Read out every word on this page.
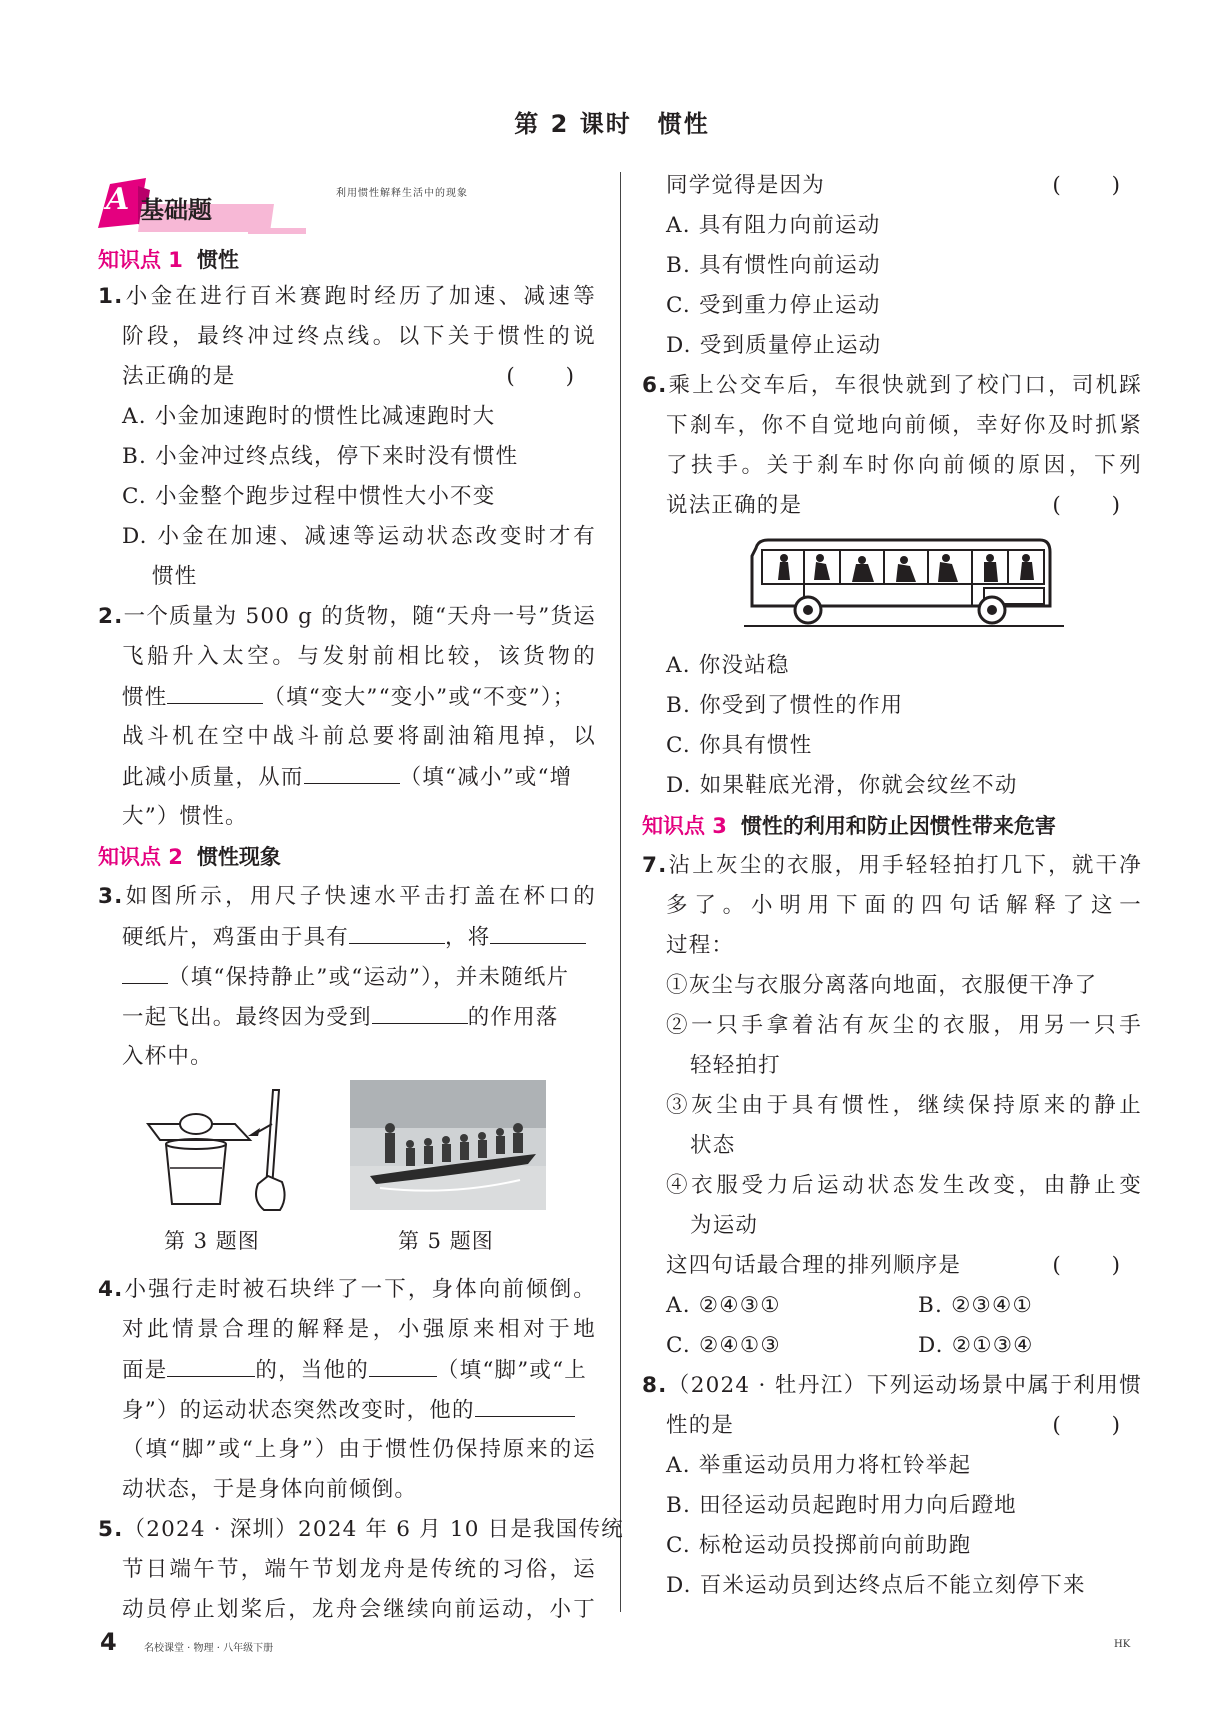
第 2 课时　惯性
A 基础题
利用惯性解释生活中的现象
知识点 1 惯性
1.小金在进行百米赛跑时经历了加速、减速等
阶段，最终冲过终点线。以下关于惯性的说
法正确的是	( )
A. 小金加速跑时的惯性比减速跑时大
B. 小金冲过终点线，停下来时没有惯性
C. 小金整个跑步过程中惯性大小不变
D. 小金在加速、减速等运动状态改变时才有
惯性
2.一个质量为 500 g 的货物，随“天舟一号”货运
飞船升入太空。与发射前相比较，该货物的
惯性	（填“变大”“变小”或“不变”）；
战斗机在空中战斗前总要将副油箱甩掉，以
此减小质量，从而	（填“减小”或“增
大”）惯性。
知识点 2 惯性现象
3.如图所示，用尺子快速水平击打盖在杯口的
硬纸片，鸡蛋由于具有	，将
（填“保持静止”或“运动”），并未随纸片
一起飞出。最终因为受到	的作用落
入杯中。
第 3 题图	第 5 题图
4.小强行走时被石块绊了一下，身体向前倾倒。
对此情景合理的解释是，小强原来相对于地
面是	的，当他的	（填“脚”或“上
身”）的运动状态突然改变时，他的
（填“脚”或“上身”）由于惯性仍保持原来的运
动状态，于是身体向前倾倒。
5.（2024 · 深圳）2024 年 6 月 10 日是我国传统
节日端午节，端午节划龙舟是传统的习俗，运
动员停止划桨后，龙舟会继续向前运动，小丁
同学觉得是因为	( )
A. 具有阻力向前运动
B. 具有惯性向前运动
C. 受到重力停止运动
D. 受到质量停止运动
6.乘上公交车后，车很快就到了校门口，司机踩
下刹车，你不自觉地向前倾，幸好你及时抓紧
了扶手。关于刹车时你向前倾的原因，下列
说法正确的是	( )
A. 你没站稳
B. 你受到了惯性的作用
C. 你具有惯性
D. 如果鞋底光滑，你就会纹丝不动
知识点 3 惯性的利用和防止因惯性带来危害
7.沾上灰尘的衣服，用手轻轻拍打几下，就干净
多了。小明用下面的四句话解释了这一
过程：
①灰尘与衣服分离落向地面，衣服便干净了
②一只手拿着沾有灰尘的衣服，用另一只手
轻轻拍打
③灰尘由于具有惯性，继续保持原来的静止
状态
④衣服受力后运动状态发生改变，由静止变
为运动
这四句话最合理的排列顺序是	( )
A. ②④③①	B. ②③④①
C. ②④①③	D. ②①③④
8.（2024 · 牡丹江）下列运动场景中属于利用惯
性的是	( )
A. 举重运动员用力将杠铃举起
B. 田径运动员起跑时用力向后蹬地
C. 标枪运动员投掷前向前助跑
D. 百米运动员到达终点后不能立刻停下来
4	名校课堂 · 物理 · 八年级下册	HK
